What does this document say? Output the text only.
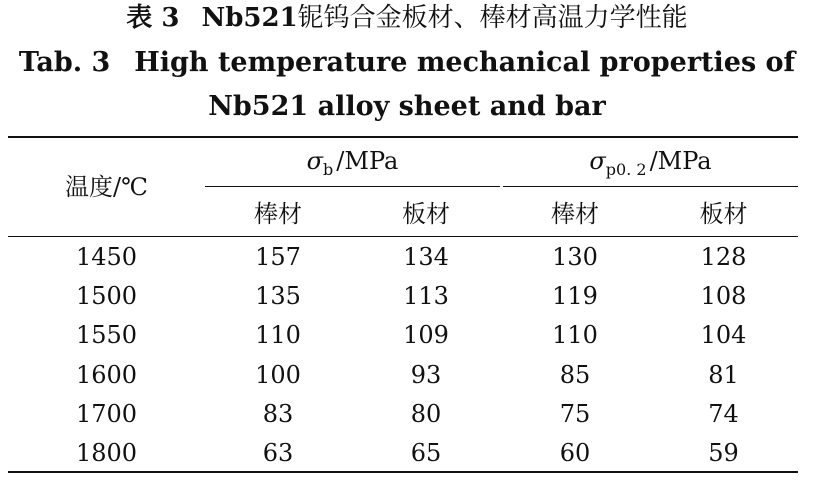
表 3 Nb521铌钨合金板材、棒材高温力学性能
Tab. 3 High temperature mechanical properties of
Nb521 alloy sheet and bar
温度/℃
$\sigma_b$ /MPa	$\sigma_{p0. 2}$ /MPa
棒材	板材	棒材	板材
1450	157	134	130	128
1500	135	113	119	108
1550	110	109	110	104
1600	100	93	85	81
1700	83	80	75	74
1800	63	65	60	59
